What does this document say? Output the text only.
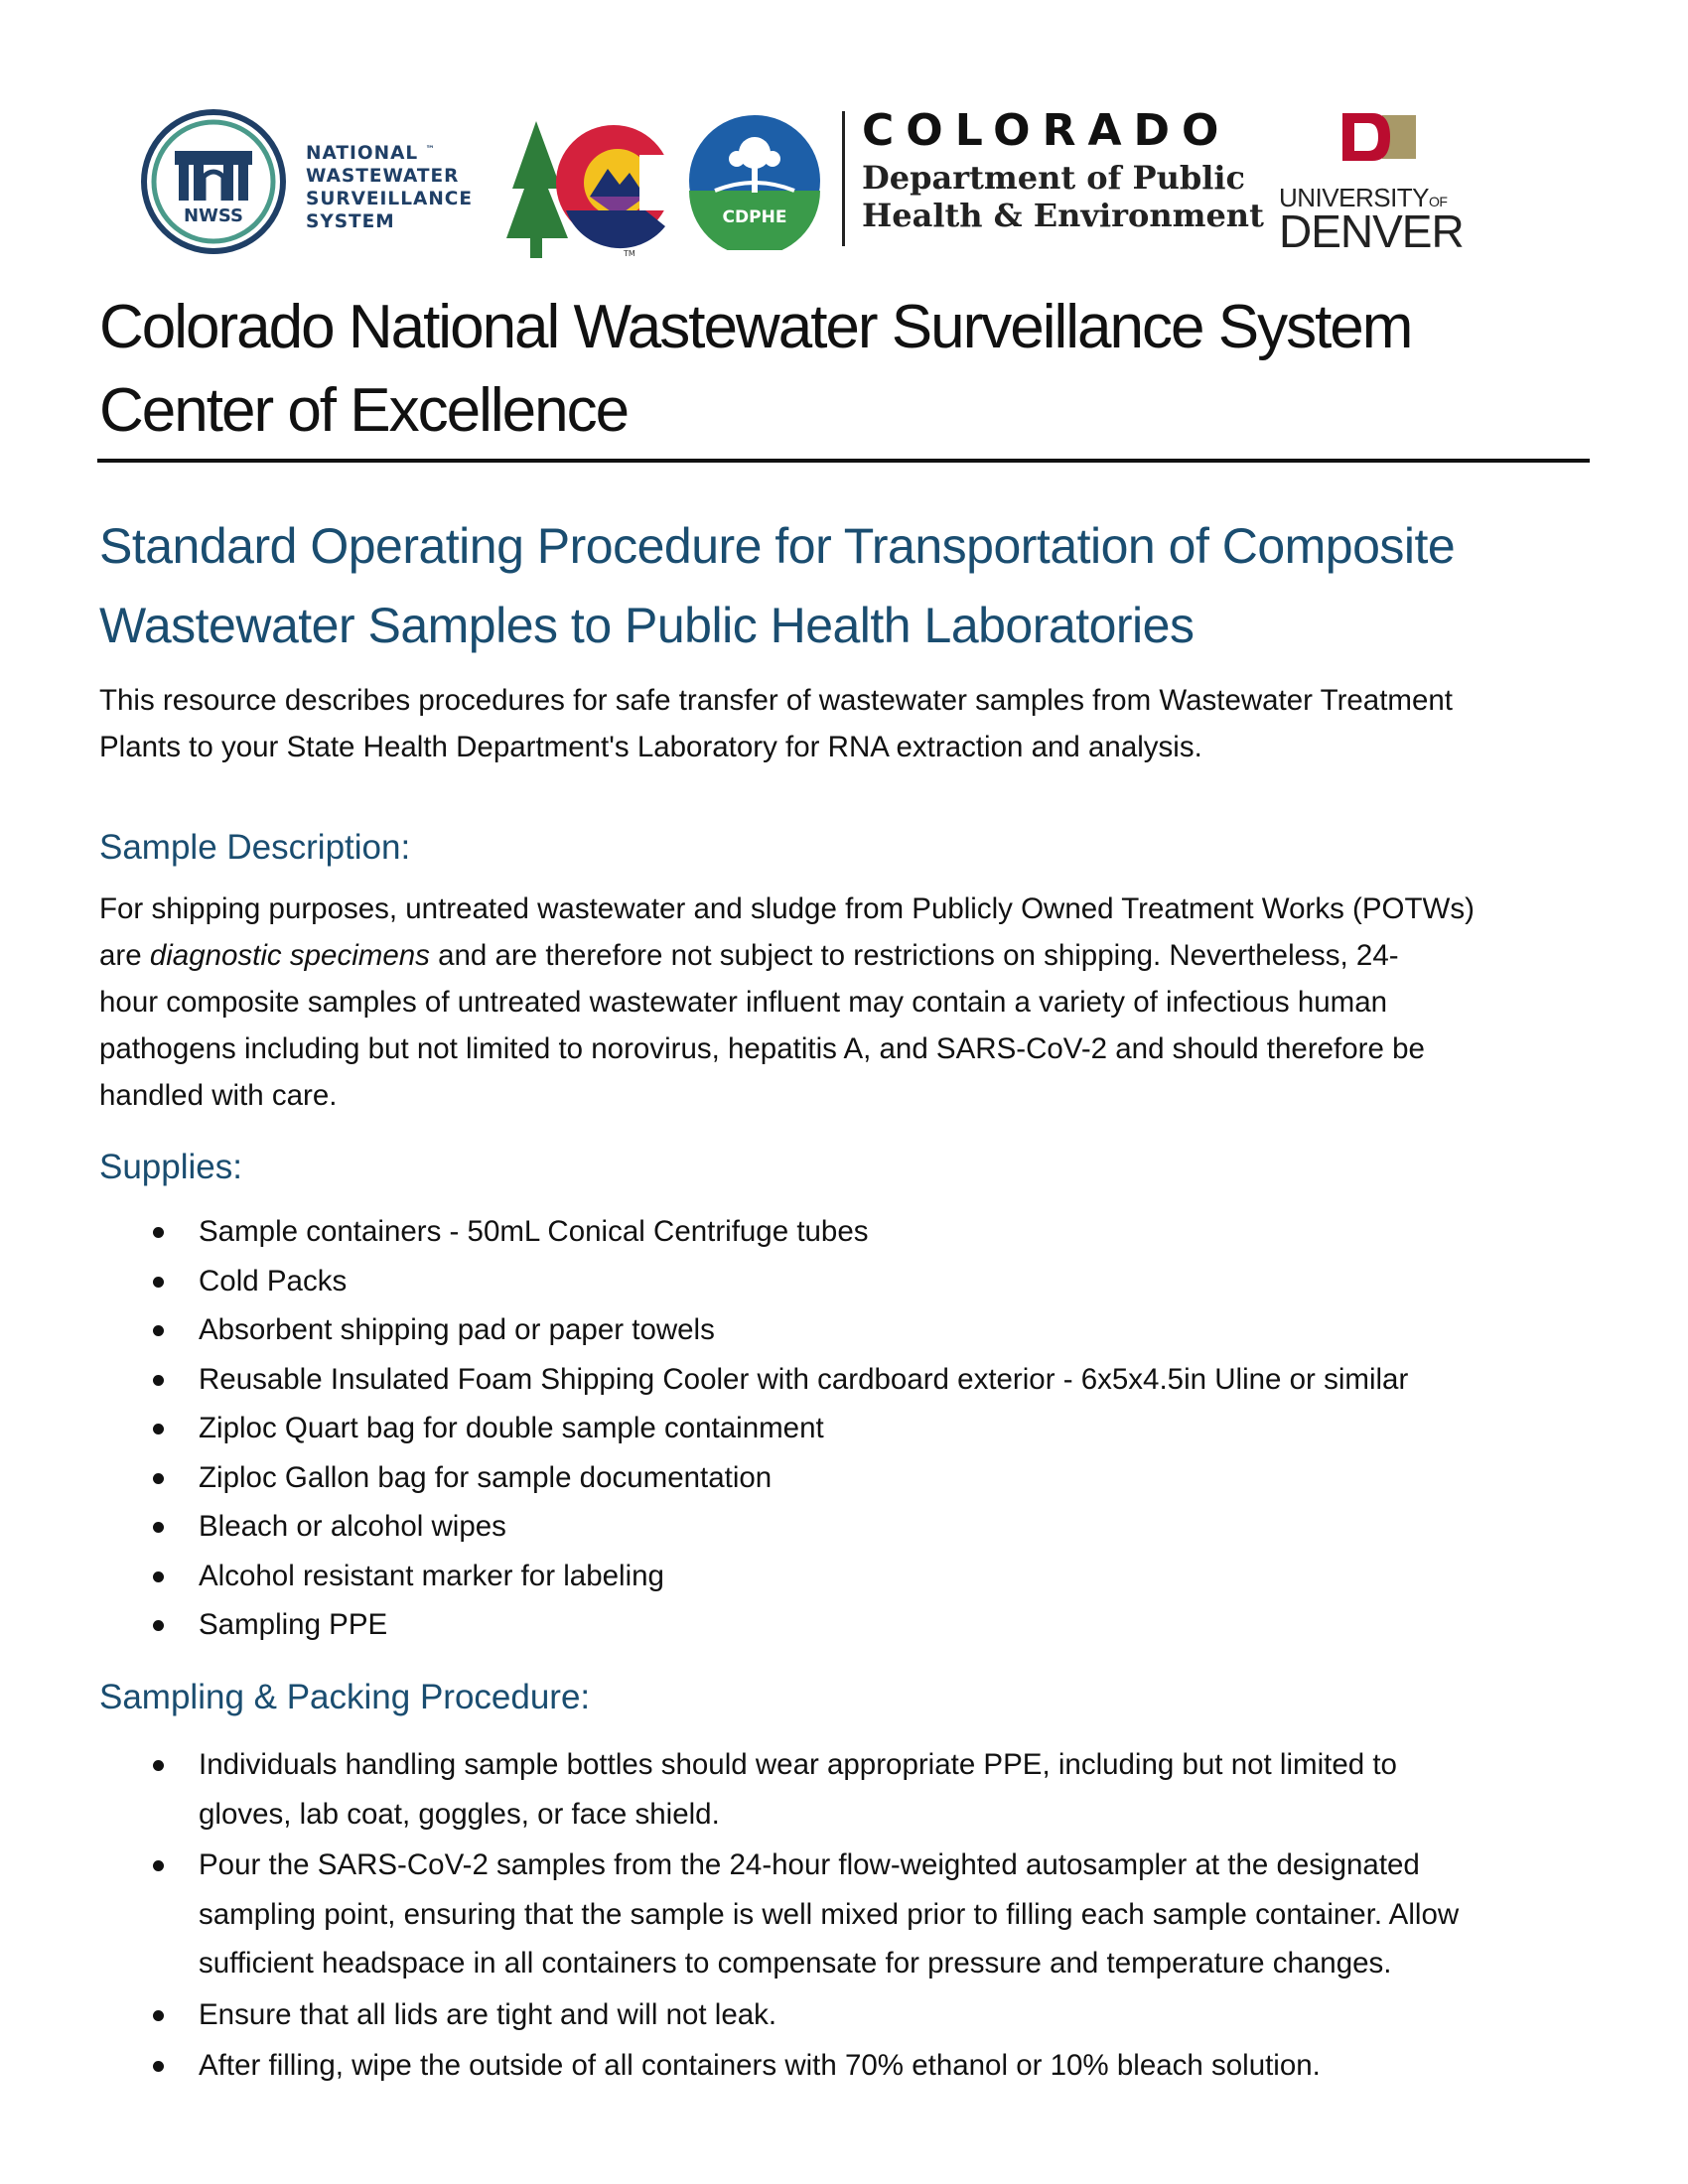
NWSS
NATIONAL ™
WASTEWATER
SURVEILLANCE
SYSTEM
TM
CDPHE
COLORADO
Department of Public
Health & Environment UNIVERSITYOF
DENVER
Colorado National Wastewater Surveillance System
Center of Excellence
Standard Operating Procedure for Transportation of Composite
Wastewater Samples to Public Health Laboratories
This resource describes procedures for safe transfer of wastewater samples from Wastewater Treatment
Plants to your State Health Department's Laboratory for RNA extraction and analysis.
Sample Description:
For shipping purposes, untreated wastewater and sludge from Publicly Owned Treatment Works (POTWs)
are diagnostic specimens and are therefore not subject to restrictions on shipping. Nevertheless, 24-
hour composite samples of untreated wastewater influent may contain a variety of infectious human
pathogens including but not limited to norovirus, hepatitis A, and SARS-CoV-2 and should therefore be
handled with care.
Supplies:
Sample containers - 50mL Conical Centrifuge tubes
Cold Packs
Absorbent shipping pad or paper towels
Reusable Insulated Foam Shipping Cooler with cardboard exterior - 6x5x4.5in Uline or similar
Ziploc Quart bag for double sample containment
Ziploc Gallon bag for sample documentation
Bleach or alcohol wipes
Alcohol resistant marker for labeling
Sampling PPE
Sampling & Packing Procedure:
Individuals handling sample bottles should wear appropriate PPE, including but not limited to
gloves, lab coat, goggles, or face shield.
Pour the SARS-CoV-2 samples from the 24-hour flow-weighted autosampler at the designated
sampling point, ensuring that the sample is well mixed prior to filling each sample container. Allow
sufficient headspace in all containers to compensate for pressure and temperature changes.
Ensure that all lids are tight and will not leak.
After filling, wipe the outside of all containers with 70% ethanol or 10% bleach solution.
